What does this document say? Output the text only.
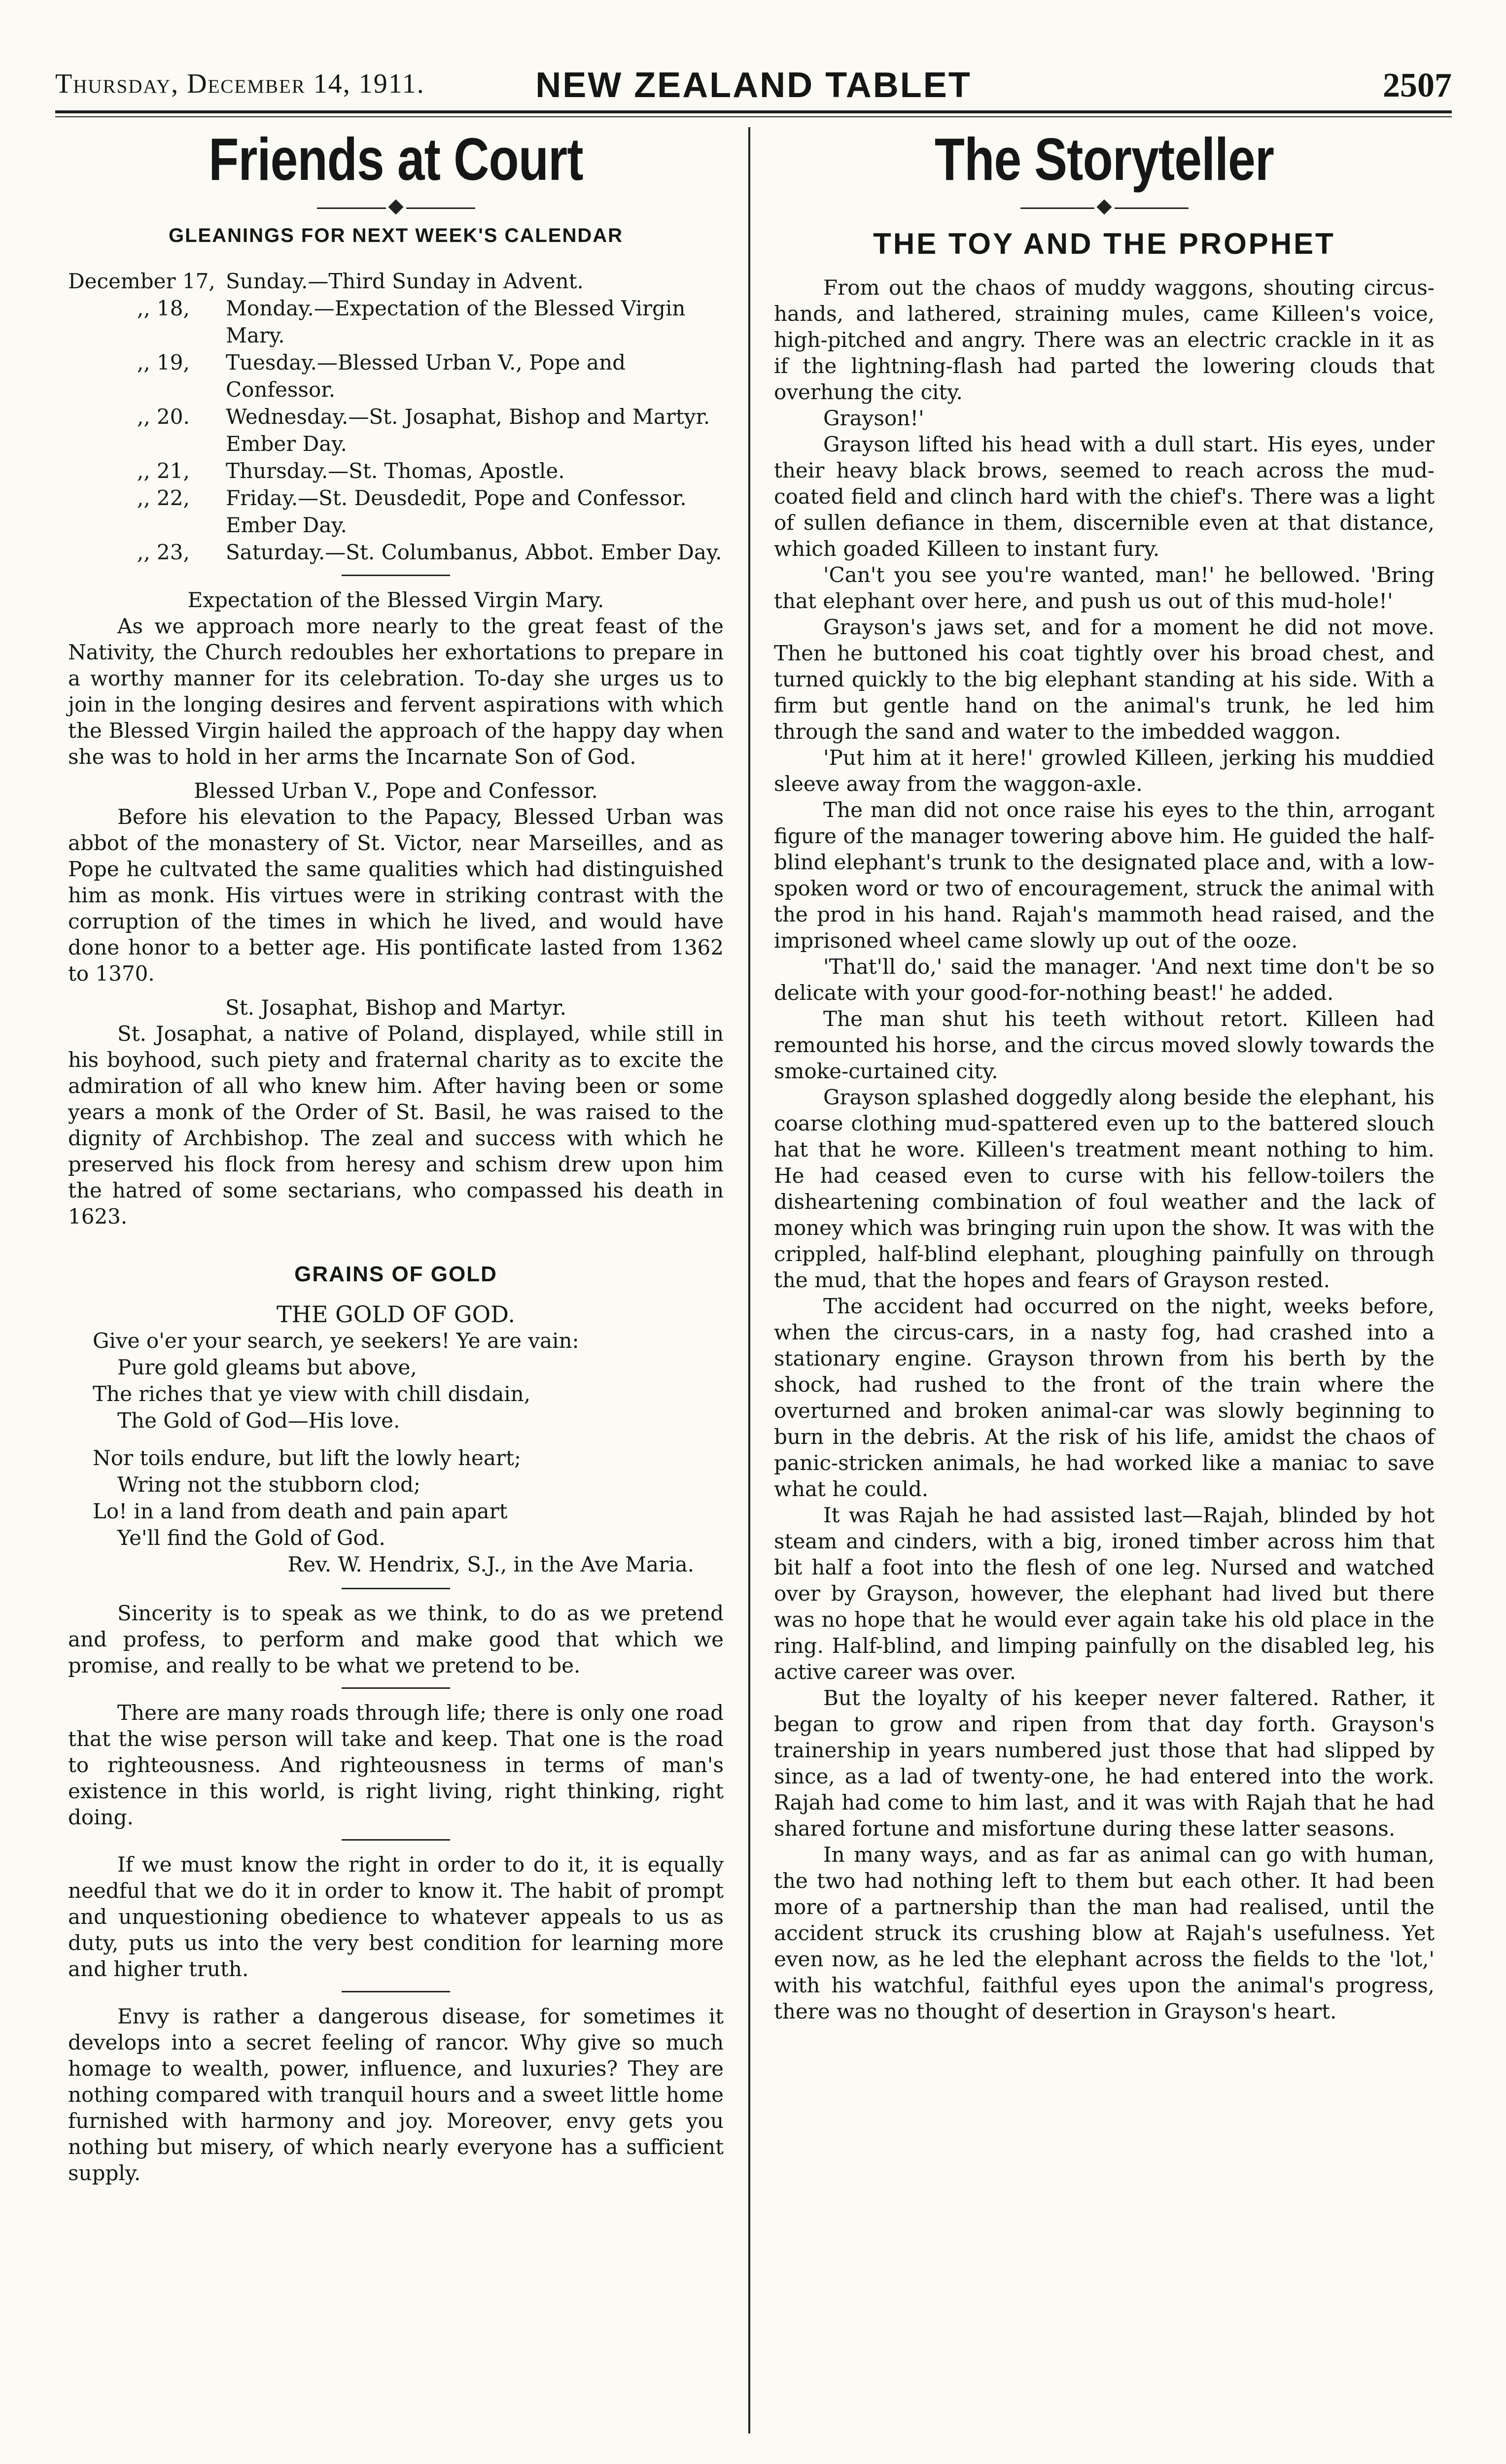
Thursday, December 14, 1911.	NEW ZEALAND TABLET	2507
Friends at Court
GLEANINGS FOR NEXT WEEK'S CALENDAR
December 17, Sunday.—Third Sunday in Advent.
,, 18,	Monday.—Expectation of the Blessed Virgin Mary.
,, 19,	Tuesday.—Blessed Urban V., Pope and Confessor.
,, 20.	Wednesday.—St. Josaphat, Bishop and Martyr. Ember Day.
,, 21,	Thursday.—St. Thomas, Apostle.
,, 22,	Friday.—St. Deusdedit, Pope and Confessor. Ember Day.
,, 23,	Saturday.—St. Columbanus, Abbot. Ember Day.
Expectation of the Blessed Virgin Mary.

As we approach more nearly to the great feast of the Nativity, the Church redoubles her exhortations to prepare in a worthy manner for its celebration. To-day she urges us to join in the longing desires and fervent aspirations with which the Blessed Virgin hailed the approach of the happy day when she was to hold in her arms the Incarnate Son of God.

Blessed Urban V., Pope and Confessor.

Before his elevation to the Papacy, Blessed Urban was abbot of the monastery of St. Victor, near Marseilles, and as Pope he cultvated the same qualities which had distinguished him as monk. His virtues were in striking contrast with the corruption of the times in which he lived, and would have done honor to a better age. His pontificate lasted from 1362 to 1370.

St. Josaphat, Bishop and Martyr.

St. Josaphat, a native of Poland, displayed, while still in his boyhood, such piety and fraternal charity as to excite the admiration of all who knew him. After having been or some years a monk of the Order of St. Basil, he was raised to the dignity of Archbishop. The zeal and success with which he preserved his flock from heresy and schism drew upon him the hatred of some sectarians, who compassed his death in 1623.

GRAINS OF GOLD
THE GOLD OF GOD.
Give o'er your search, ye seekers! Ye are vain:
Pure gold gleams but above,
The riches that ye view with chill disdain,
The Gold of God—His love.
Nor toils endure, but lift the lowly heart;
Wring not the stubborn clod;
Lo! in a land from death and pain apart
Ye'll find the Gold of God.
Rev. W. Hendrix, S.J., in the Ave Maria.

Sincerity is to speak as we think, to do as we pretend and profess, to perform and make good that which we promise, and really to be what we pretend to be.

There are many roads through life; there is only one road that the wise person will take and keep. That one is the road to righteousness. And righteousness in terms of man's existence in this world, is right living, right thinking, right doing.

If we must know the right in order to do it, it is equally needful that we do it in order to know it. The habit of prompt and unquestioning obedience to whatever appeals to us as duty, puts us into the very best condition for learning more and higher truth.

Envy is rather a dangerous disease, for sometimes it develops into a secret feeling of rancor. Why give so much homage to wealth, power, influence, and luxuries? They are nothing compared with tranquil hours and a sweet little home furnished with harmony and joy. Moreover, envy gets you nothing but misery, of which nearly everyone has a sufficient supply.

The Storyteller
THE TOY AND THE PROPHET

From out the chaos of muddy waggons, shouting circus-hands, and lathered, straining mules, came Killeen's voice, high-pitched and angry. There was an electric crackle in it as if the lightning-flash had parted the lowering clouds that overhung the city.

Grayson!'

Grayson lifted his head with a dull start. His eyes, under their heavy black brows, seemed to reach across the mud-coated field and clinch hard with the chief's. There was a light of sullen defiance in them, discernible even at that distance, which goaded Killeen to instant fury.

'Can't you see you're wanted, man!' he bellowed. 'Bring that elephant over here, and push us out of this mud-hole!'

Grayson's jaws set, and for a moment he did not move. Then he buttoned his coat tightly over his broad chest, and turned quickly to the big elephant standing at his side. With a firm but gentle hand on the animal's trunk, he led him through the sand and water to the imbedded waggon.

'Put him at it here!' growled Killeen, jerking his muddied sleeve away from the waggon-axle.

The man did not once raise his eyes to the thin, arrogant figure of the manager towering above him. He guided the half-blind elephant's trunk to the designated place and, with a low-spoken word or two of encouragement, struck the animal with the prod in his hand. Rajah's mammoth head raised, and the imprisoned wheel came slowly up out of the ooze.

'That'll do,' said the manager. 'And next time don't be so delicate with your good-for-nothing beast!' he added.

The man shut his teeth without retort. Killeen had remounted his horse, and the circus moved slowly towards the smoke-curtained city.

Grayson splashed doggedly along beside the elephant, his coarse clothing mud-spattered even up to the battered slouch hat that he wore. Killeen's treatment meant nothing to him. He had ceased even to curse with his fellow-toilers the disheartening combination of foul weather and the lack of money which was bringing ruin upon the show. It was with the crippled, half-blind elephant, ploughing painfully on through the mud, that the hopes and fears of Grayson rested.

The accident had occurred on the night, weeks before, when the circus-cars, in a nasty fog, had crashed into a stationary engine. Grayson thrown from his berth by the shock, had rushed to the front of the train where the overturned and broken animal-car was slowly beginning to burn in the debris. At the risk of his life, amidst the chaos of panic-stricken animals, he had worked like a maniac to save what he could.

It was Rajah he had assisted last—Rajah, blinded by hot steam and cinders, with a big, ironed timber across him that bit half a foot into the flesh of one leg. Nursed and watched over by Grayson, however, the elephant had lived but there was no hope that he would ever again take his old place in the ring. Half-blind, and limping painfully on the disabled leg, his active career was over.

But the loyalty of his keeper never faltered. Rather, it began to grow and ripen from that day forth. Grayson's trainership in years numbered just those that had slipped by since, as a lad of twenty-one, he had entered into the work. Rajah had come to him last, and it was with Rajah that he had shared fortune and misfortune during these latter seasons.

In many ways, and as far as animal can go with human, the two had nothing left to them but each other. It had been more of a partnership than the man had realised, until the accident struck its crushing blow at Rajah's usefulness. Yet even now, as he led the elephant across the fields to the 'lot,' with his watchful, faithful eyes upon the animal's progress, there was no thought of desertion in Grayson's heart.
